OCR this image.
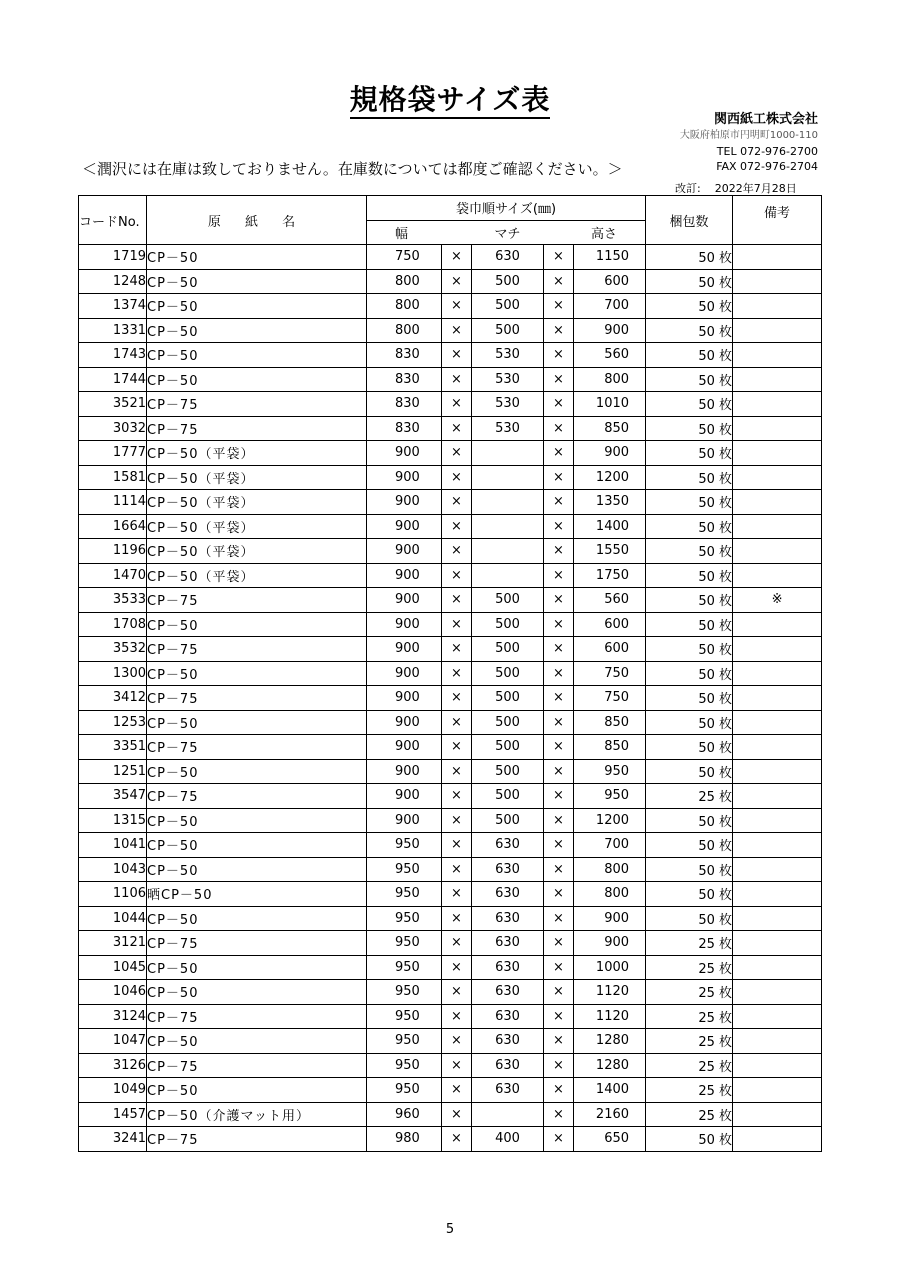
規格袋サイズ表
関西紙工株式会社
大阪府柏原市円明町1000-110
TEL 072-976-2700
FAX 072-976-2704
＜潤沢には在庫は致しておりません。在庫数については都度ご確認ください。＞
改訂: 2022年7月28日
コードNo.	原 紙 名	袋巾順サイズ(㎜)					梱包数	備考
		幅		マチ		高さ		
1719	CP－50	750	×	630	×	1150	50 枚	
1248	CP－50	800	×	500	×	600	50 枚	
1374	CP－50	800	×	500	×	700	50 枚	
1331	CP－50	800	×	500	×	900	50 枚	
1743	CP－50	830	×	530	×	560	50 枚	
1744	CP－50	830	×	530	×	800	50 枚	
3521	CP－75	830	×	530	×	1010	50 枚	
3032	CP－75	830	×	530	×	850	50 枚	
1777	CP－50（平袋）	900	×		×	900	50 枚	
1581	CP－50（平袋）	900	×		×	1200	50 枚	
1114	CP－50（平袋）	900	×		×	1350	50 枚	
1664	CP－50（平袋）	900	×		×	1400	50 枚	
1196	CP－50（平袋）	900	×		×	1550	50 枚	
1470	CP－50（平袋）	900	×		×	1750	50 枚	
3533	CP－75	900	×	500	×	560	50 枚	※
1708	CP－50	900	×	500	×	600	50 枚	
3532	CP－75	900	×	500	×	600	50 枚	
1300	CP－50	900	×	500	×	750	50 枚	
3412	CP－75	900	×	500	×	750	50 枚	
1253	CP－50	900	×	500	×	850	50 枚	
3351	CP－75	900	×	500	×	850	50 枚	
1251	CP－50	900	×	500	×	950	50 枚	
3547	CP－75	900	×	500	×	950	25 枚	
1315	CP－50	900	×	500	×	1200	50 枚	
1041	CP－50	950	×	630	×	700	50 枚	
1043	CP－50	950	×	630	×	800	50 枚	
1106	晒CP－50	950	×	630	×	800	50 枚	
1044	CP－50	950	×	630	×	900	50 枚	
3121	CP－75	950	×	630	×	900	25 枚	
1045	CP－50	950	×	630	×	1000	25 枚	
1046	CP－50	950	×	630	×	1120	25 枚	
3124	CP－75	950	×	630	×	1120	25 枚	
1047	CP－50	950	×	630	×	1280	25 枚	
3126	CP－75	950	×	630	×	1280	25 枚	
1049	CP－50	950	×	630	×	1400	25 枚	
1457	CP－50（介護マット用）	960	×		×	2160	25 枚	
3241	CP－75	980	×	400	×	650	50 枚	
5
